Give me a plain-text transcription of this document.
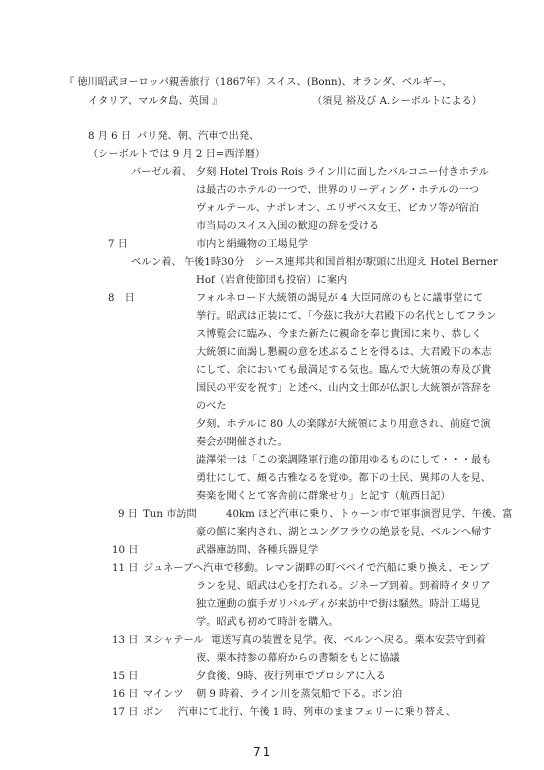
『 徳川昭武ヨーロッパ親善旅行（1867年）スイス、(Bonn)、オランダ、ベルギー、
イタリア、マルタ島、英国 』	（須見 裕及び A.シーボルトによる）
8 月 6 日 パリ発、朝、汽車で出発、
（シーボルトでは 9 月 2 日=西洋暦）
バーゼル着、 夕刻 Hotel Trois Rois ライン川に面したバルコニー付きホテル
は最古のホテルの一つで、世界のリーディング・ホテルの一つ
ヴォルテール、ナポレオン、エリザベス女王、ピカソ等が宿泊
市当局のスイス入国の歓迎の辞を受ける
7 日	市内と絹織物の工場見学
ベルン着、 午後1時30分　シース連邦共和国首相が駅頭に出迎え Hotel Berner
Hof（岩倉使節団も投宿）に案内
8　日	フォルネロード大統領の謁見が 4 大臣同席のもとに議事堂にて
挙行。昭武は正装にて、「今茲に我が大君殿下の名代としてフラン
ス博覧会に臨み、今また新たに親命を奉じ貴国に来り、恭しく
大統領に面謁し懇親の意を述ぶることを得るは、大君殿下の本志
にして、余においても最満足する気也。臨んで大統領の寿及び貴
国民の平安を祝す」と述べ、山内文士郎が仏訳し大統領が答辞を
のべた
夕刻、ホテルに 80 人の楽隊が大統領により用意され、前庭で演
奏会が開催された。
澁澤栄一は「この楽調隆軍行進の節用ゆるものにして・・・最も
勇壮にして、頗る古雅なるを覚ゆ。都下の士民、異邦の人を見、
奏楽を聞くとて客舎前に群衆せり」と記す（航西日記）
9 日 Tun 市訪問	40km ほど汽車に乗り、トゥーン市で軍事演習見学、午後、富
豪の館に案内され、湖とユングフラウの絶景を見、ベルンへ帰す
10 日	武器庫訪問、各種兵器見学
11 日 ジュネーブへ汽車で移動。レマン湖畔の町ベベイで汽船に乗り換え、モンブ
ランを見、昭武は心を打たれる。ジネーブ到着。到着時イタリア
独立運動の旗手ガリバルディが来訪中で街は騒然。時計工場見
学。昭武も初めて時計を購入。
13 日 ヌシャテール 電送写真の装置を見学。夜、ベルンへ戻る。栗本安芸守到着
夜、栗本持参の幕府からの書類をもとに協議
15 日	夕食後、9時、夜行列車でプロシアに入る
16 日 マインツ 朝 9 時着、ライン川を蒸気船で下る。ボン泊
17 日 ボン 汽車にて北行、午後 1 時、列車のままフェリーに乗り替え、
71
